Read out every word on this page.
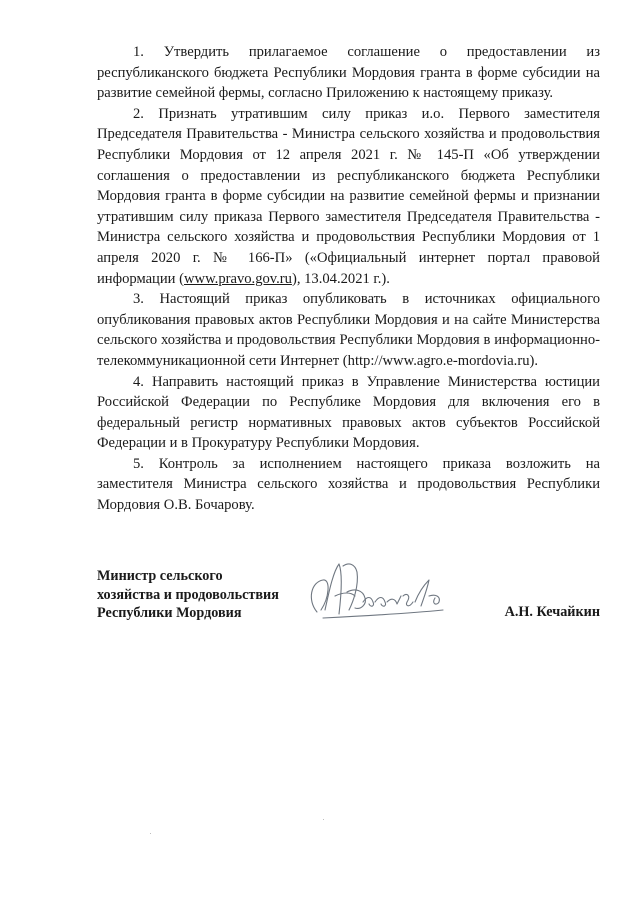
1. Утвердить прилагаемое соглашение о предоставлении из республиканского бюджета Республики Мордовия гранта в форме субсидии на развитие семейной фермы, согласно Приложению к настоящему приказу.

2. Признать утратившим силу приказ и.о. Первого заместителя Председателя Правительства - Министра сельского хозяйства и продовольствия Республики Мордовия от 12 апреля 2021 г. № 145-П «Об утверждении соглашения о предоставлении из республиканского бюджета Республики Мордовия гранта в форме субсидии на развитие семейной фермы и признании утратившим силу приказа Первого заместителя Председателя Правительства - Министра сельского хозяйства и продовольствия Республики Мордовия от 1 апреля 2020 г. № 166-П» («Официальный интернет портал правовой информации (www.pravo.gov.ru), 13.04.2021 г.).

3. Настоящий приказ опубликовать в источниках официального опубликования правовых актов Республики Мордовия и на сайте Министерства сельского хозяйства и продовольствия Республики Мордовия в информационно-телекоммуникационной сети Интернет (http://www.agro.e-mordovia.ru).

4. Направить настоящий приказ в Управление Министерства юстиции Российской Федерации по Республике Мордовия для включения его в федеральный регистр нормативных правовых актов субъектов Российской Федерации и в Прокуратуру Республики Мордовия.

5. Контроль за исполнением настоящего приказа возложить на заместителя Министра сельского хозяйства и продовольствия Республики Мордовия О.В. Бочарову.

Министр сельского
хозяйства и продовольствия
Республики Мордовия	А.Н. Кечайкин
